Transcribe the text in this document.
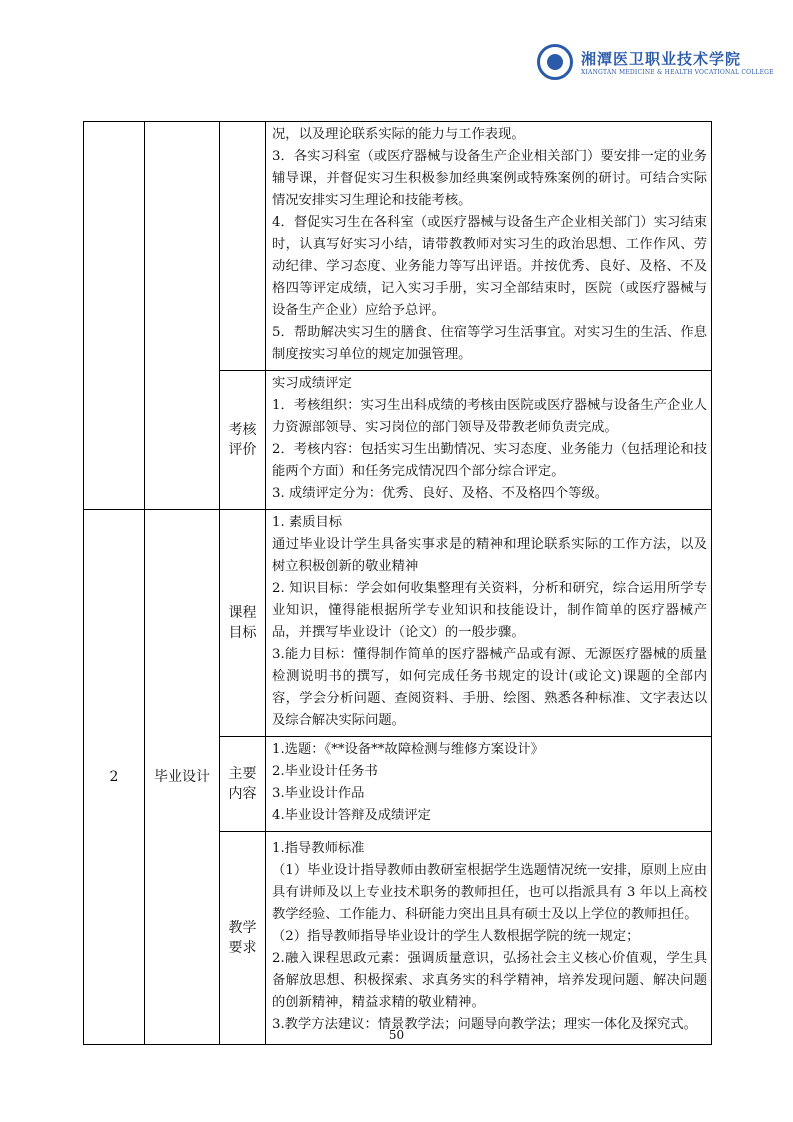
湘潭医卫职业技术学院
XIANGTAN MEDICINE & HEALTH VOCATIONAL COLLEGE

			况，以及理论联系实际的能力与工作表现。

3．各实习科室（或医疗器械与设备生产企业相关部门）要安排一定的业务辅导课，并督促实习生积极参加经典案例或特殊案例的研讨。可结合实际情况安排实习生理论和技能考核。

4．督促实习生在各科室（或医疗器械与设备生产企业相关部门）实习结束时，认真写好实习小结，请带教教师对实习生的政治思想、工作作风、劳动纪律、学习态度、业务能力等写出评语。并按优秀、良好、及格、不及格四等评定成绩，记入实习手册，实习全部结束时，医院（或医疗器械与设备生产企业）应给予总评。

5．帮助解决实习生的膳食、住宿等学习生活事宜。对实习生的生活、作息制度按实习单位的规定加强管理。

		考核评价	实习成绩评定

1．考核组织：实习生出科成绩的考核由医院或医疗器械与设备生产企业人力资源部领导、实习岗位的部门领导及带教老师负责完成。

2．考核内容：包括实习生出勤情况、实习态度、业务能力（包括理论和技能两个方面）和任务完成情况四个部分综合评定。

3. 成绩评定分为：优秀、良好、及格、不及格四个等级。

2	毕业设计	课程目标	1. 素质目标

通过毕业设计学生具备实事求是的精神和理论联系实际的工作方法，以及树立积极创新的敬业精神

2. 知识目标：学会如何收集整理有关资料，分析和研究，综合运用所学专业知识，懂得能根据所学专业知识和技能设计，制作简单的医疗器械产品，并撰写毕业设计（论文）的一般步骤。

3.能力目标：懂得制作简单的医疗器械产品或有源、无源医疗器械的质量检测说明书的撰写，如何完成任务书规定的设计(或论文)课题的全部内容，学会分析问题、查阅资料、手册、绘图、熟悉各种标准、文字表达以及综合解决实际问题。

		主要内容	1.选题：《**设备**故障检测与维修方案设计》

2.毕业设计任务书

3.毕业设计作品

4.毕业设计答辩及成绩评定

		教学要求	1.指导教师标准

（1）毕业设计指导教师由教研室根据学生选题情况统一安排，原则上应由具有讲师及以上专业技术职务的教师担任，也可以指派具有 3 年以上高校教学经验、工作能力、科研能力突出且具有硕士及以上学位的教师担任。

（2）指导教师指导毕业设计的学生人数根据学院的统一规定；

2.融入课程思政元素：强调质量意识，弘扬社会主义核心价值观，学生具备解放思想、积极探索、求真务实的科学精神，培养发现问题、解决问题的创新精神，精益求精的敬业精神。

3.教学方法建议：情景教学法；问题导向教学法；理实一体化及探究式。

50
